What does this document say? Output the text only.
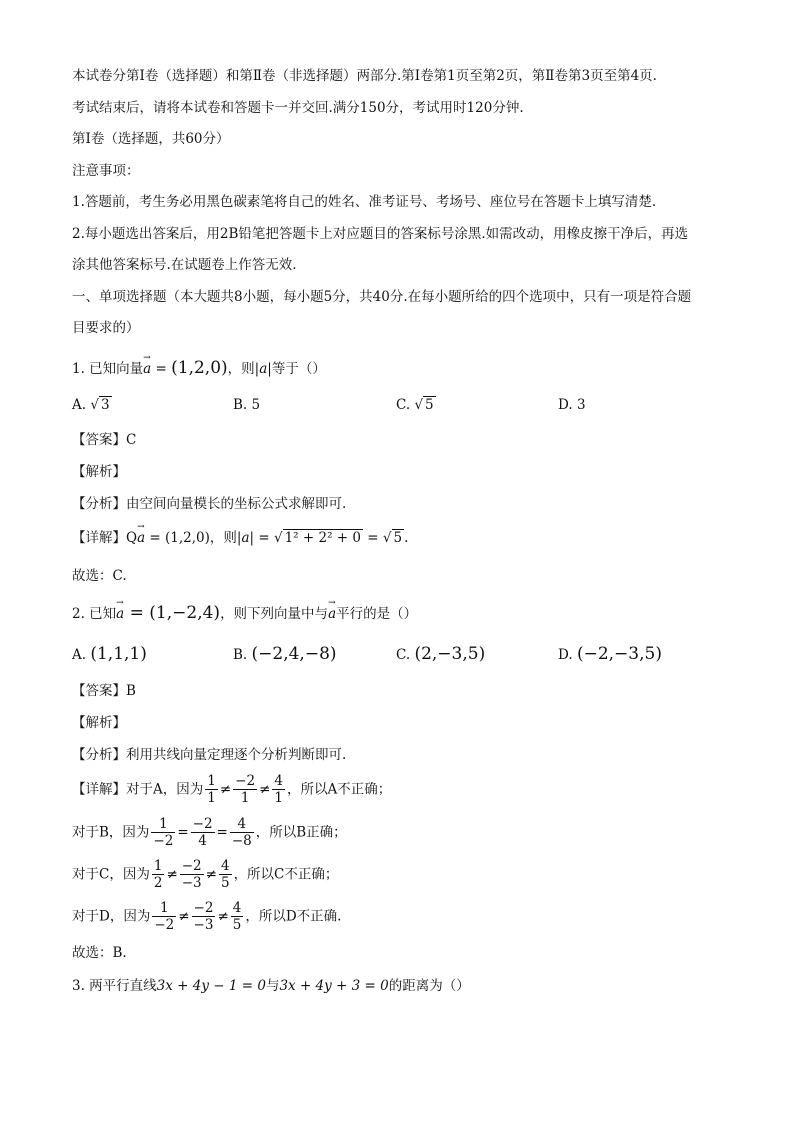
本试卷分第Ⅰ卷（选择题）和第Ⅱ卷（非选择题）两部分.第Ⅰ卷第1页至第2页，第Ⅱ卷第3页至第4页.
考试结束后，请将本试卷和答题卡一并交回.满分150分，考试用时120分钟.
第Ⅰ卷（选择题，共60分）
注意事项：
1.答题前，考生务必用黑色碳素笔将自己的姓名、准考证号、考场号、座位号在答题卡上填写清楚.
2.每小题选出答案后，用2B铅笔把答题卡上对应题目的答案标号涂黑.如需改动，用橡皮擦干净后，再选
涂其他答案标号.在试题卷上作答无效.
一、单项选择题（本大题共8小题，每小题5分，共40分.在每小题所给的四个选项中，只有一项是符合题
目要求的）
1. 已知向量→ a = (1,2,0)，则|a|等于（）
A. √ 3	B. 5	C. √ 5	D. 3
【答案】C
【解析】
【分析】由空间向量模长的坐标公式求解即可.
【详解】Q→ a = (1,2,0)，则|a| = √ 1² + 2² + 0 = √ 5 .
故选：C.
2. 已知→ a = (1,−2,4)，则下列向量中与→ a平行的是（）
A. (1,1,1)	B. (−2,4,−8)	C. (2,−3,5)	D. (−2,−3,5)
【答案】B
【解析】
【分析】利用共线向量定理逐个分析判断即可.
【详解】对于A，因为 $\frac{1}{1} \ne \frac{-2}{1} \ne \frac{4}{1}$ ，所以A不正确；
对于B，因为 $\frac{1}{-2} = \frac{-2}{4} = \frac{4}{-8}$ ，所以B正确；
对于C，因为 $\frac{1}{2} \ne \frac{-2}{-3} \ne \frac{4}{5}$ ，所以C不正确；
对于D，因为 $\frac{1}{-2} \ne \frac{-2}{-3} \ne \frac{4}{5}$ ，所以D不正确.
故选：B.
3. 两平行直线3x + 4y − 1 = 0与3x + 4y + 3 = 0的距离为（）
